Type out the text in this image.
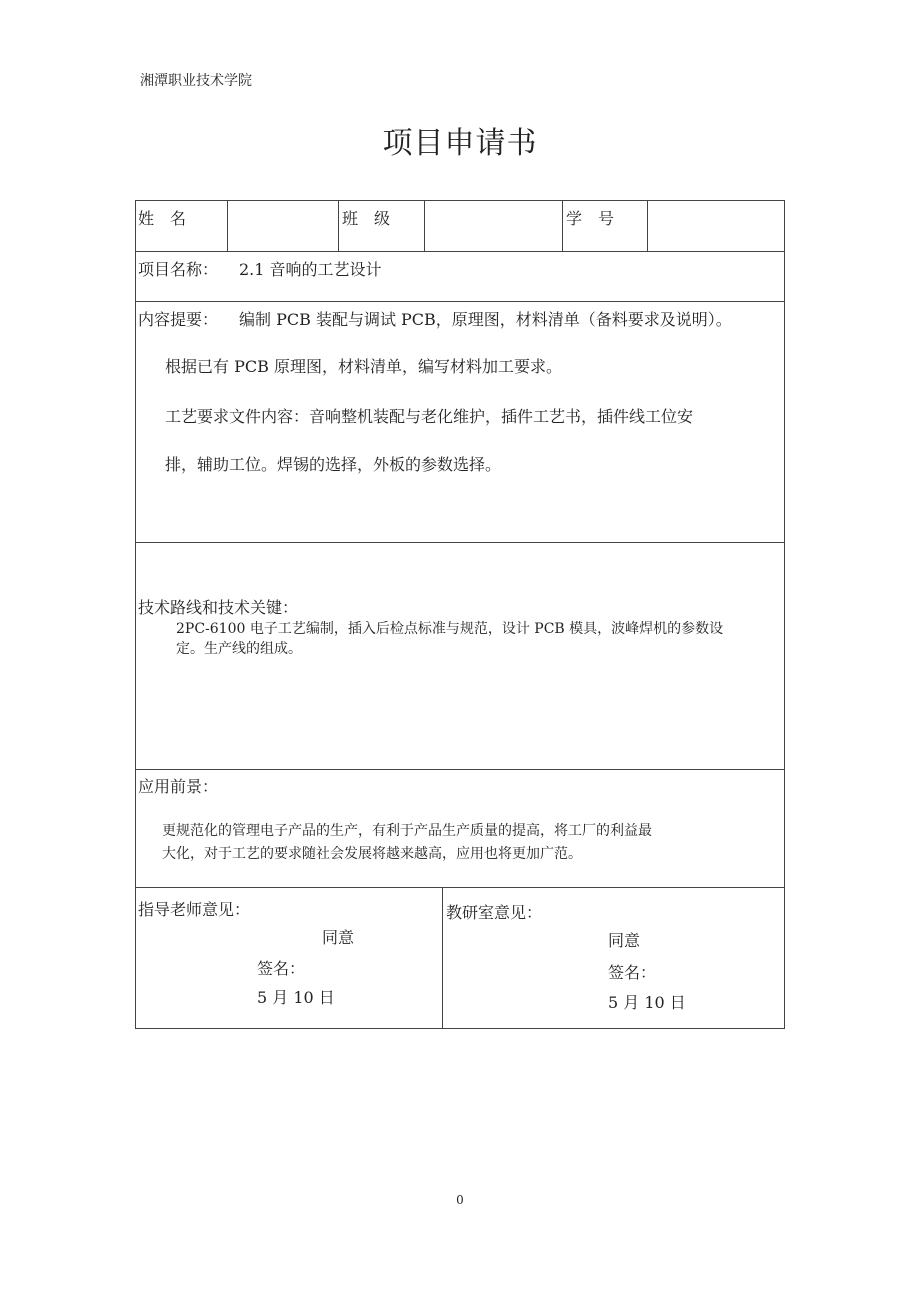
湘潭职业技术学院
项目申请书
姓　名	班　级	学　号
项目名称： 2.1 音响的工艺设计
内容提要： 编制 PCB 装配与调试 PCB，原理图，材料清单（备料要求及说明）。
根据已有 PCB 原理图，材料清单，编写材料加工要求。
工艺要求文件内容：音响整机装配与老化维护，插件工艺书，插件线工位安
排，辅助工位。焊锡的选择，外板的参数选择。
技术路线和技术关键：
2PC-6100 电子工艺编制，插入后检点标准与规范，设计 PCB 模具，波峰焊机的参数设
定。生产线的组成。
应用前景：
更规范化的管理电子产品的生产，有利于产品生产质量的提高，将工厂的利益最
大化，对于工艺的要求随社会发展将越来越高，应用也将更加广范。
指导老师意见：
同意
签名：
5 月 10 日
教研室意见：
同意
签名：
5 月 10 日
0
